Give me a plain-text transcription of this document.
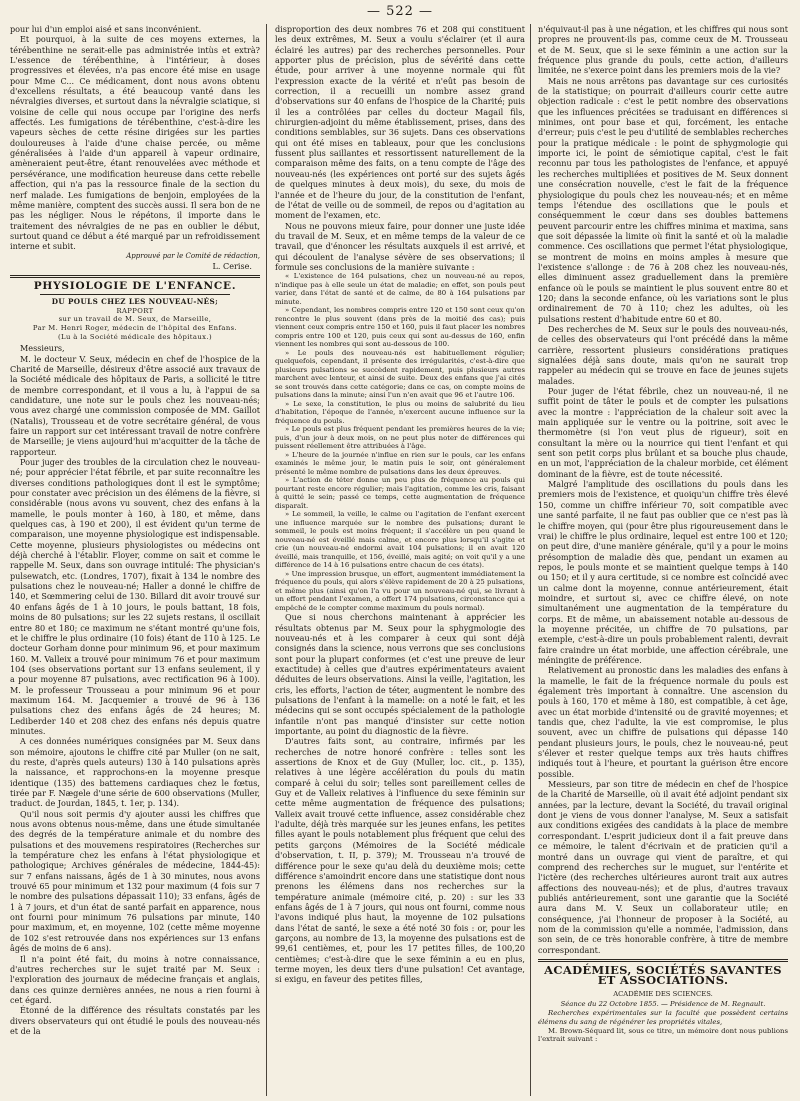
— 522 —

pour lui d'un emploi aisé et sans inconvénient.

Et pourquoi, à la suite de ces moyens externes, la térébenthine ne serait-elle pas administrée intùs et extrà? L'essence de térébenthine, à l'intérieur, à doses progressives et élevées, n'a pas encore été mise en usage pour Mme C... Ce médicament, dont nous avons obtenu d'excellens résultats, a été beaucoup vanté dans les névralgies diverses, et surtout dans la névralgie sciatique, si voisine de celle qui nous occupe par l'origine des nerfs affectés. Les fumigations de térébenthine, c'est-à-dire les vapeurs sèches de cette résine dirigées sur les parties douloureuses à l'aide d'une chaise percée, ou même généralisées à l'aide d'un appareil à vapeur ordinaire, amèneraient peut-être, étant renouvelées avec méthode et persévérance, une modification heureuse dans cette rebelle affection, qui n'a pas la ressource finale de la section du nerf malade. Les fumigations de benjoin, employées de la même manière, comptent des succès aussi. Il sera bon de ne pas les négliger. Nous le répétons, il importe dans le traitement des névralgies de ne pas en oublier le début, surtout quand ce début a été marqué par un refroidissement interne et subit.

Approuvé par le Comité de rédaction,

L. Cerise.

PHYSIOLOGIE DE L'ENFANCE.

DU POULS CHEZ LES NOUVEAU-NÉS;

RAPPORT

sur un travail de M. Seux, de Marseille,

Par M. Henri Roger, médecin de l'hôpital des Enfans.

(Lu à la Société médicale des hôpitaux.)

Messieurs,

M. le docteur V. Seux, médecin en chef de l'hospice de la Charité de Marseille, désireux d'être associé aux travaux de la Société médicale des hôpitaux de Paris, a sollicité le titre de membre correspondant, et il vous a lu, à l'appui de sa candidature, une note sur le pouls chez les nouveau-nés; vous avez chargé une commission composée de MM. Gaillot (Natalis), Trousseau et de votre secrétaire général, de vous faire un rapport sur cet intéressant travail de notre confrère de Marseille; je viens aujourd'hui m'acquitter de la tâche de rapporteur.

Pour juger des troubles de la circulation chez le nouveau-né; pour apprécier l'état fébrile, et par suite reconnaître les diverses conditions pathologiques dont il est le symptôme; pour constater avec précision un des élémens de la fièvre, si considérable (nous avons vu souvent, chez des enfans à la mamelle, le pouls monter à 160, à 180, et même, dans quelques cas, à 190 et 200), il est évident qu'un terme de comparaison, une moyenne physiologique est indispensable. Cette moyenne, plusieurs physiologistes ou médecins ont déjà cherché à l'établir. Floyer, comme on sait et comme le rappelle M. Seux, dans son ouvrage intitulé: The physician's pulsewatch, etc. (Londres, 1707), fixait à 134 le nombre des pulsations chez le nouveau-né; Haller a donné le chiffre de 140, et Sœmmering celui de 130. Billard dit avoir trouvé sur 40 enfans âgés de 1 à 10 jours, le pouls battant, 18 fois, moins de 80 pulsations; sur les 22 sujets restans, il oscillait entre 80 et 180; ce maximum ne s'étant montré qu'une fois, et le chiffre le plus ordinaire (10 fois) étant de 110 à 125. Le docteur Gorham donne pour minimum 96, et pour maximum 160. M. Valleix a trouvé pour minimum 76 et pour maximum 104 (ses observations portant sur 13 enfans seulement, il y a pour moyenne 87 pulsations, avec rectification 96 à 100). M. le professeur Trousseau a pour minimum 96 et pour maximum 164. M. Jacquemier a trouvé de 96 à 136 pulsations chez des enfans âgés de 24 heures; M. Lediberder 140 et 208 chez des enfans nés depuis quatre minutes.

A ces données numériques consignées par M. Seux dans son mémoire, ajoutons le chiffre cité par Muller (on ne sait, du reste, d'après quels auteurs) 130 à 140 pulsations après la naissance, et rapprochons-en la moyenne presque identique (135) des battemens cardiaques chez le fœtus, tirée par F. Nægele d'une série de 600 observations (Muller, traduct. de Jourdan, 1845, t. 1er, p. 134).

Qu'il nous soit permis d'y ajouter aussi les chiffres que nous avons obtenus nous-même, dans une étude simultanée des degrés de la température animale et du nombre des pulsations et des mouvemens respiratoires (Recherches sur la température chez les enfans à l'état physiologique et pathologique; Archives générales de médecine, 1844-45): sur 7 enfans naissans, âgés de 1 à 30 minutes, nous avons trouvé 65 pour minimum et 132 pour maximum (4 fois sur 7 le nombre des pulsations dépassait 110); 33 enfans, âgés de 1 à 7 jours, et d'un état de santé parfait en apparence, nous ont fourni pour minimum 76 pulsations par minute, 140 pour maximum, et, en moyenne, 102 (cette même moyenne de 102 s'est retrouvée dans nos expériences sur 13 enfans âgés de moins de 6 ans).

Il n'a point été fait, du moins à notre connaissance, d'autres recherches sur le sujet traité par M. Seux : l'exploration des journaux de médecine français et anglais, dans ces quinze dernières années, ne nous a rien fourni à cet égard.

Étonné de la différence des résultats constatés par les divers observateurs qui ont étudié le pouls des nouveau-nés et de la

disproportion des deux nombres 76 et 208 qui constituent les deux extrêmes, M. Seux a voulu s'éclairer (et il aura éclairé les autres) par des recherches personnelles. Pour apporter plus de précision, plus de sévérité dans cette étude, pour arriver à une moyenne normale qui fût l'expression exacte de la vérité et n'eût pas besoin de correction, il a recueilli un nombre assez grand d'observations sur 40 enfans de l'hospice de la Charité; puis il les a contrôlées par celles du docteur Magail fils, chirurgien-adjoint du même établissement, prises, dans des conditions semblables, sur 36 sujets. Dans ces observations qui ont été mises en tableaux, pour que les conclusions fussent plus saillantes et ressortissent naturellement de la comparaison même des faits, on a tenu compte de l'âge des nouveau-nés (les expériences ont porté sur des sujets âgés de quelques minutes à deux mois), du sexe, du mois de l'année et de l'heure du jour, de la constitution de l'enfant, de l'état de veille ou de sommeil, de repos ou d'agitation au moment de l'examen, etc.

Nous ne pouvons mieux faire, pour donner une juste idée du travail de M. Seux, et en même temps de la valeur de ce travail, que d'énoncer les résultats auxquels il est arrivé, et qui découlent de l'analyse sévère de ses observations; il formule ses conclusions de la manière suivante :

« L'existence de 164 pulsations, chez un nouveau-né au repos, n'indique pas à elle seule un état de maladie; en effet, son pouls peut varier, dans l'état de santé et de calme, de 80 à 164 pulsations par minute.

» Cependant, les nombres compris entre 120 et 150 sont ceux qu'on rencontre le plus souvent (dans près de la moitié des cas); puis viennent ceux compris entre 150 et 160, puis il faut placer les nombres compris entre 100 et 120, puis ceux qui sont au-dessus de 160, enfin viennent les nombres qui sont au-dessous de 100.

» Le pouls des nouveau-nés est habituellement régulier; quelquefois, cependant, il présente des irrégularités, c'est-à-dire que plusieurs pulsations se succèdent rapidement, puis plusieurs autres marchent avec lenteur, et ainsi de suite. Deux des enfans que j'ai cités se sont trouvés dans cette catégorie; dans ce cas, on compte moins de pulsations dans la minute; ainsi l'un n'en avait que 96 et l'autre 106.

» Le sexe, la constitution, le plus ou moins de salubrité du lieu d'habitation, l'époque de l'année, n'exercent aucune influence sur la fréquence du pouls.

» Le pouls est plus fréquent pendant les premières heures de la vie; puis, d'un jour à deux mois, on ne peut plus noter de différences qui puissent réellement être attribuées à l'âge.

» L'heure de la journée n'influe en rien sur le pouls, car les enfans examinés le même jour, le matin puis le soir, ont généralement présenté le même nombre de pulsations dans les deux épreuves.

» L'action de téter donne un peu plus de fréquence au pouls qui pourtant reste encore régulier; mais l'agitation, comme les cris, faisant à quitté le sein; passé ce temps, cette augmentation de fréquence disparaît.

» Le sommeil, la veille, le calme ou l'agitation de l'enfant exercent une influence marquée sur le nombre des pulsations; durant le sommeil, le pouls est moins fréquent; il s'accélère un peu quand le nouveau-né est éveillé mais calme, et encore plus lorsqu'il s'agite et crie (un nouveau-né endormi avait 104 pulsations; il en avait 120 éveillé, mais tranquille, et 156, éveillé, mais agité; on voit qu'il y a une différence de 14 à 16 pulsations entre chacun de ces états).

» Une impression brusque, un effort, augmentent immédiatement la fréquence du pouls, qui alors s'élève rapidement de 20 à 25 pulsations, et même plus (ainsi qu'on l'a vu pour un nouveau-né qui, se livrant à un effort pendant l'examen, a offert 174 pulsations, circonstance qui a empêché de le compter comme maximum du pouls normal).

Que si nous cherchons maintenant à apprécier les résultats obtenus par M. Seux pour la sphygmologie des nouveau-nés et à les comparer à ceux qui sont déjà consignés dans la science, nous verrons que ses conclusions sont pour la plupart conformes (et c'est une preuve de leur exactitude) à celles que d'autres expérimentateurs avaient déduites de leurs observations. Ainsi la veille, l'agitation, les cris, les efforts, l'action de téter, augmentent le nombre des pulsations de l'enfant à la mamelle: on a noté le fait, et les médecins qui se sont occupés spécialement de la pathologie infantile n'ont pas manqué d'insister sur cette notion importante, au point du diagnostic de la fièvre.

D'autres faits sont, au contraire, infirmés par les recherches de notre honoré confrère : telles sont les assertions de Knox et de Guy (Muller, loc. cit., p. 135), relatives à une légère accélération du pouls du matin comparé à celui du soir; telles sont pareillement celles de Guy et de Valleix relatives à l'influence du sexe féminin sur cette même augmentation de fréquence des pulsations; Valleix avait trouvé cette influence, assez considérable chez l'adulte, déjà très marquée sur les jeunes enfans, les petites filles ayant le pouls notablement plus fréquent que celui des petits garçons (Mémoires de la Société médicale d'observation, t. II, p. 379); M. Trousseau n'a trouvé de différence pour le sexe qu'au delà du deuxième mois; cette différence s'amoindrit encore dans une statistique dont nous prenons les élémens dans nos recherches sur la température animale (mémoire cité, p. 20) : sur les 33 enfans âgés de 1 à 7 jours, qui nous ont fourni, comme nous l'avons indiqué plus haut, la moyenne de 102 pulsations dans l'état de santé, le sexe a été noté 30 fois : or, pour les garçons, au nombre de 13, la moyenne des pulsations est de 99,61 centièmes, et, pour les 17 petites filles, de 100,20 centièmes; c'est-à-dire que le sexe féminin a eu en plus, terme moyen, les deux tiers d'une pulsation! Cet avantage, si exigu, en faveur des petites filles,

n'équivaut-il pas à une négation, et les chiffres qui nous sont propres ne prouvent-ils pas, comme ceux de M. Trousseau et de M. Seux, que si le sexe féminin a une action sur la fréquence plus grande du pouls, cette action, d'ailleurs limitée, ne s'exerce point dans les premiers mois de la vie?

Mais ne nous arrêtons pas davantage sur ces curiosités de la statistique; on pourrait d'ailleurs courir cette autre objection radicale : c'est le petit nombre des observations que les influences précitées se traduisant en différences si minimes, ont pour base et qui, forcément, les entache d'erreur; puis c'est le peu d'utilité de semblables recherches pour la pratique médicale : le point de sphygmologie qui importe ici, le point de sémiotique capital, c'est le fait reconnu par tous les pathologistes de l'enfance, et appuyé les recherches multipliées et positives de M. Seux donnent une consécration nouvelle, c'est le fait de la fréquence physiologique du pouls chez les nouveau-nés; et en même temps l'étendue des oscillations que le pouls et conséquemment le cœur dans ses doubles battemens peuvent parcourir entre les chiffres minima et maxima, sans que soit dépassée la limite où finit la santé et où la maladie commence. Ces oscillations que permet l'état physiologique, se montrent de moins en moins amples à mesure que l'existence s'allonge : de 76 à 208 chez les nouveau-nés, elles diminuent assez graduellement dans la première enfance où le pouls se maintient le plus souvent entre 80 et 120; dans la seconde enfance, où les variations sont le plus ordinairement de 70 à 110; chez les adultes, où les pulsations restent d'habitude entre 60 et 80.

Des recherches de M. Seux sur le pouls des nouveau-nés, de celles des observateurs qui l'ont précédé dans la même carrière, ressortent plusieurs considérations pratiques signalées déjà sans doute, mais qu'on ne saurait trop rappeler au médecin qui se trouve en face de jeunes sujets malades.

Pour juger de l'état fébrile, chez un nouveau-né, il ne suffit point de tâter le pouls et de compter les pulsations avec la montre : l'appréciation de la chaleur soit avec la main appliquée sur le ventre ou la poitrine, soit avec le thermomètre (si l'on veut plus de rigueur), soit en consultant la mère ou la nourrice qui tient l'enfant et qui sent son petit corps plus brûlant et sa bouche plus chaude, en un mot, l'appréciation de la chaleur morbide, cet élément dominant de la fièvre, est de toute nécessité.

Malgré l'amplitude des oscillations du pouls dans les premiers mois de l'existence, et quoiqu'un chiffre très élevé 150, comme un chiffre inférieur 70, soit compatible avec une santé parfaite, il ne faut pas oublier que ce n'est pas là le chiffre moyen, qui (pour être plus rigoureusement dans le vrai) le chiffre le plus ordinaire, lequel est entre 100 et 120; on peut dire, d'une manière générale, qu'il y a pour le moins présomption de maladie dès que, pendant un examen au repos, le pouls monte et se maintient quelque temps à 140 ou 150; et il y aura certitude, si ce nombre est coïncidé avec un calme dont la moyenne, connue antérieurement, était moindre, et surtout si, avec ce chiffre élevé, on note simultanément une augmentation de la température du corps. Et de même, un abaissement notable au-dessous de la moyenne précitée, un chiffre de 70 pulsations, par exemple, c'est-à-dire un pouls probablement ralenti, devrait faire craindre un état morbide, une affection cérébrale, une méningite de préférence.

Relativement au pronostic dans les maladies des enfans à la mamelle, le fait de la fréquence normale du pouls est également très important à connaître. Une ascension du pouls à 160, 170 et même à 180, est compatible, à cet âge, avec un état morbide d'intensité ou de gravité moyennes; et tandis que, chez l'adulte, la vie est compromise, le plus souvent, avec un chiffre de pulsations qui dépasse 140 pendant plusieurs jours, le pouls, chez le nouveau-né, peut s'élever et rester quelque temps aux très hauts chiffres indiqués tout à l'heure, et pourtant la guérison être encore possible.

Messieurs, par son titre de médecin en chef de l'hospice de la Charité de Marseille, où il avait été adjoint pendant six années, par la lecture, devant la Société, du travail original dont je viens de vous donner l'analyse, M. Seux a satisfait aux conditions exigées des candidats à la place de membre correspondant. L'esprit judicieux dont il a fait preuve dans ce mémoire, le talent d'écrivain et de praticien qu'il a montré dans un ouvrage qui vient de paraître, et qui comprend des recherches sur le muguet, sur l'entérite et l'ictère (des recherches ultérieures auront trait aux autres affections des nouveau-nés); et de plus, d'autres travaux publiés antérieurement, sont une garantie que la Société aura dans M. V. Seux un collaborateur utile; en conséquence, j'ai l'honneur de proposer à la Société, au nom de la commission qu'elle a nommée, l'admission, dans son sein, de ce très honorable confrère, à titre de membre correspondant.

ACADÉMIES, SOCIÉTÉS SAVANTES ET ASSOCIATIONS.

ACADÉMIE DES SCIENCES.

Séance du 22 Octobre 1855. — Présidence de M. Regnault.

Recherches expérimentales sur la faculté que possèdent certains élémens du sang de régénérer les propriétés vitales,

M. Brown-Séquard lit, sous ce titre, un mémoire dont nous publions l'extrait suivant :
